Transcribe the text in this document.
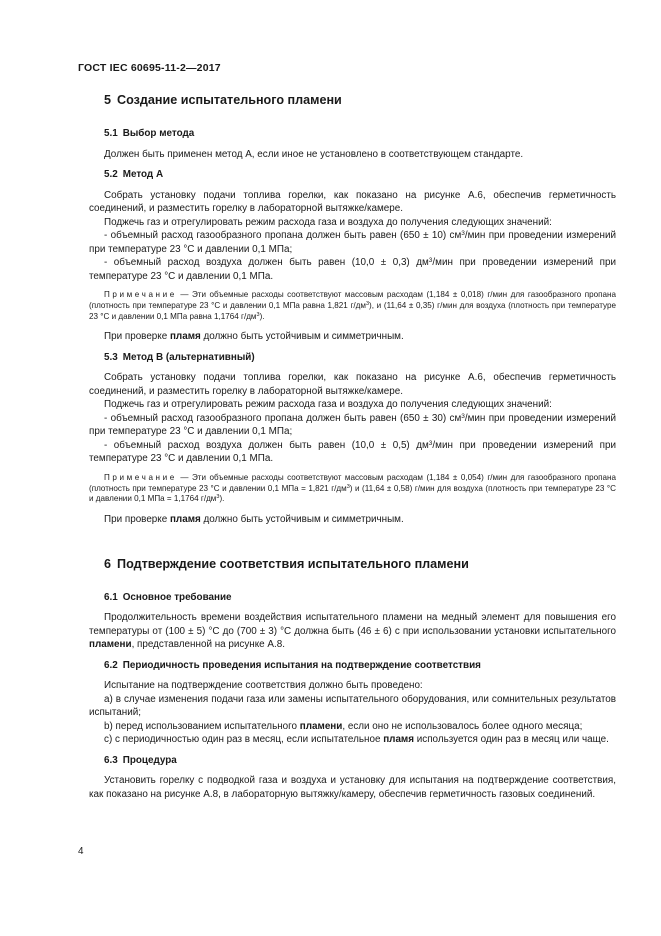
ГОСТ IEC 60695-11-2—2017
5 Создание испытательного пламени
5.1 Выбор метода

Должен быть применен метод А, если иное не установлено в соответствующем стандарте.

5.2 Метод А

Собрать установку подачи топлива горелки, как показано на рисунке А.6, обеспечив герметичность соединений, и разместить горелку в лабораторной вытяжке/камере.

Поджечь газ и отрегулировать режим расхода газа и воздуха до получения следующих значений:

- объемный расход газообразного пропана должен быть равен (650 ± 10) $см^3$/мин при проведении измерений при температуре 23 °С и давлении 0,1 МПа;

- объемный расход воздуха должен быть равен (10,0 ± 0,3) $дм^3$/мин при проведении измерений при температуре 23 °С и давлении 0,1 МПа.

Примечание — Эти объемные расходы соответствуют массовым расходам (1,184 ± 0,018) г/мин для газообразного пропана (плотность при температуре 23 °С и давлении 0,1 МПа равна 1,821 $г/дм^3$), и (11,64 ± 0,35) г/мин для воздуха (плотность при температуре 23 °С и давлении 0,1 МПа равна 1,1764 $г/дм^3$).

При проверке пламя должно быть устойчивым и симметричным.

5.3 Метод В (альтернативный)

Собрать установку подачи топлива горелки, как показано на рисунке А.6, обеспечив герметичность соединений, и разместить горелку в лабораторной вытяжке/камере.

Поджечь газ и отрегулировать режим расхода газа и воздуха до получения следующих значений:

- объемный расход газообразного пропана должен быть равен (650 ± 30) $см^3$/мин при проведении измерений при температуре 23 °С и давлении 0,1 МПа;

- объемный расход воздуха должен быть равен (10,0 ± 0,5) $дм^3$/мин при проведении измерений при температуре 23 °С и давлении 0,1 МПа.

Примечание — Эти объемные расходы соответствуют массовым расходам (1,184 ± 0,054) г/мин для газообразного пропана (плотность при температуре 23 °С и давлении 0,1 МПа = 1,821 $г/дм^3$) и (11,64 ± 0,58) г/мин для воздуха (плотность при температуре 23 °С и давлении 0,1 МПа = 1,1764 $г/дм^3$).

При проверке пламя должно быть устойчивым и симметричным.

6 Подтверждение соответствия испытательного пламени
6.1 Основное требование

Продолжительность времени воздействия испытательного пламени на медный элемент для повышения его температуры от (100 ± 5) °С до (700 ± 3) °С должна быть (46 ± 6) с при использовании установки испытательного пламени, представленной на рисунке А.8.

6.2 Периодичность проведения испытания на подтверждение соответствия

Испытание на подтверждение соответствия должно быть проведено:

а) в случае изменения подачи газа или замены испытательного оборудования, или сомнительных результатов испытаний;

b) перед использованием испытательного пламени, если оно не использовалось более одного месяца;

с) с периодичностью один раз в месяц, если испытательное пламя используется один раз в месяц или чаще.

6.3 Процедура

Установить горелку с подводкой газа и воздуха и установку для испытания на подтверждение соответствия, как показано на рисунке А.8, в лабораторную вытяжку/камеру, обеспечив герметичность газовых соединений.

4
